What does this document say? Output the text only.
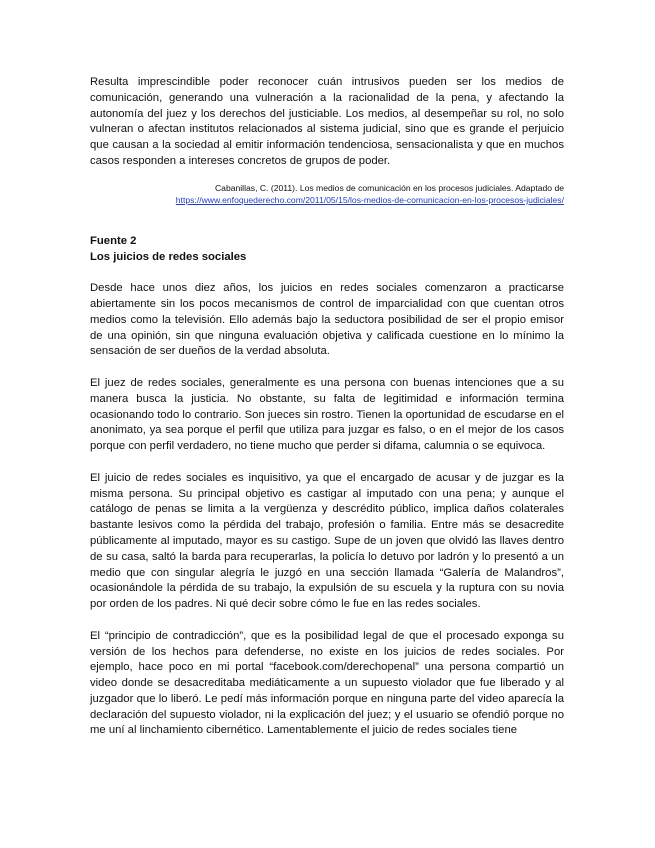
Resulta imprescindible poder reconocer cuán intrusivos pueden ser los medios de comunicación, generando una vulneración a la racionalidad de la pena, y afectando la autonomía del juez y los derechos del justiciable. Los medios, al desempeñar su rol, no solo vulneran o afectan institutos relacionados al sistema judicial, sino que es grande el perjuicio que causan a la sociedad al emitir información tendenciosa, sensacionalista y que en muchos casos responden a intereses concretos de grupos de poder.

Cabanillas, C. (2011). Los medios de comunicación en los procesos judiciales. Adaptado de
https://www.enfoquederecho.com/2011/05/15/los-medios-de-comunicacion-en-los-procesos-judiciales/

Fuente 2
Los juicios de redes sociales

Desde hace unos diez años, los juicios en redes sociales comenzaron a practicarse abiertamente sin los pocos mecanismos de control de imparcialidad con que cuentan otros medios como la televisión. Ello además bajo la seductora posibilidad de ser el propio emisor de una opinión, sin que ninguna evaluación objetiva y calificada cuestione en lo mínimo la sensación de ser dueños de la verdad absoluta.

El juez de redes sociales, generalmente es una persona con buenas intenciones que a su manera busca la justicia. No obstante, su falta de legitimidad e información termina ocasionando todo lo contrario. Son jueces sin rostro. Tienen la oportunidad de escudarse en el anonimato, ya sea porque el perfil que utiliza para juzgar es falso, o en el mejor de los casos porque con perfil verdadero, no tiene mucho que perder si difama, calumnia o se equivoca.

El juicio de redes sociales es inquisitivo, ya que el encargado de acusar y de juzgar es la misma persona. Su principal objetivo es castigar al imputado con una pena; y aunque el catálogo de penas se limita a la vergüenza y descrédito público, implica daños colaterales bastante lesivos como la pérdida del trabajo, profesión o familia. Entre más se desacredite públicamente al imputado, mayor es su castigo. Supe de un joven que olvidó las llaves dentro de su casa, saltó la barda para recuperarlas, la policía lo detuvo por ladrón y lo presentó a un medio que con singular alegría le juzgó en una sección llamada “Galería de Malandros”, ocasionándole la pérdida de su trabajo, la expulsión de su escuela y la ruptura con su novia por orden de los padres. Ni qué decir sobre cómo le fue en las redes sociales.

El “principio de contradicción”, que es la posibilidad legal de que el procesado exponga su versión de los hechos para defenderse, no existe en los juicios de redes sociales. Por ejemplo, hace poco en mi portal “facebook.com/derechopenal” una persona compartió un video donde se desacreditaba mediáticamente a un supuesto violador que fue liberado y al juzgador que lo liberó. Le pedí más información porque en ninguna parte del video aparecía la declaración del supuesto violador, ni la explicación del juez; y el usuario se ofendió porque no me uní al linchamiento cibernético. Lamentablemente el juicio de redes sociales tiene
